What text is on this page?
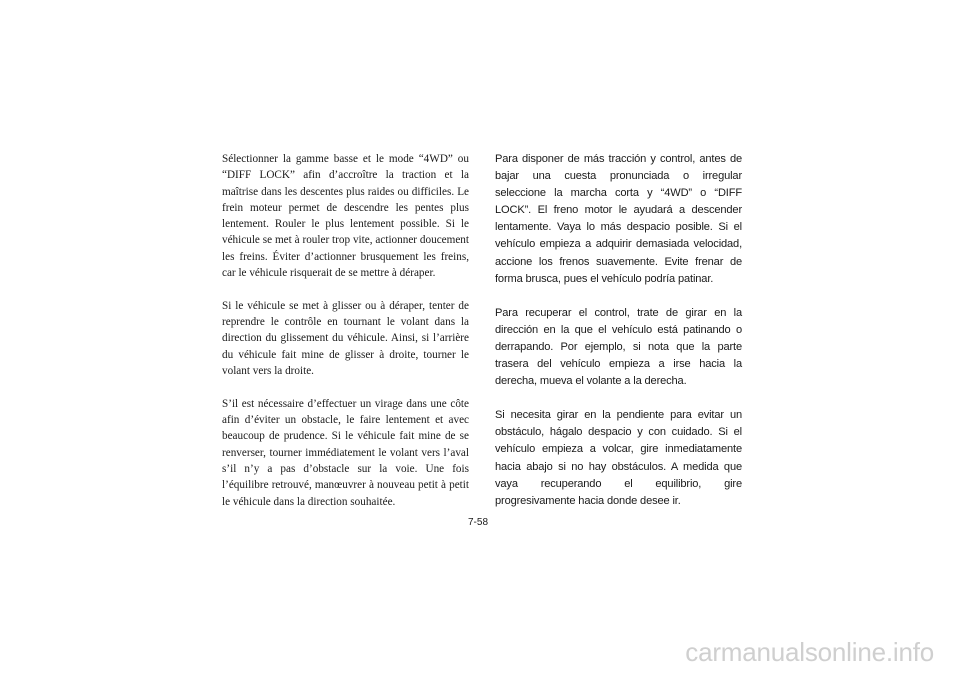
Sélectionner la gamme basse et le mode “4WD” ou “DIFF LOCK” afin d’accroître la traction et la maîtrise dans les descentes plus raides ou difficiles. Le frein moteur permet de descendre les pentes plus lentement. Rouler le plus lentement possible. Si le véhicule se met à rouler trop vite, actionner doucement les freins. Éviter d’actionner brusquement les freins, car le véhicule risquerait de se mettre à déraper.

Si le véhicule se met à glisser ou à déraper, tenter de reprendre le contrôle en tournant le volant dans la direction du glissement du véhicule. Ainsi, si l’arrière du véhicule fait mine de glisser à droite, tourner le volant vers la droite.

S’il est nécessaire d’effectuer un virage dans une côte afin d’éviter un obstacle, le faire lentement et avec beaucoup de prudence. Si le véhicule fait mine de se renverser, tourner immédiatement le volant vers l’aval s’il n’y a pas d’obstacle sur la voie. Une fois l’équilibre retrouvé, manœuvrer à nouveau petit à petit le véhicule dans la direction souhaitée.

Para disponer de más tracción y control, antes de bajar una cuesta pronunciada o irregular seleccione la marcha corta y “4WD” o “DIFF LOCK”. El freno motor le ayudará a descender lentamente. Vaya lo más despacio posible. Si el vehículo empieza a adquirir demasiada velocidad, accione los frenos suavemente. Evite frenar de forma brusca, pues el vehículo podría patinar.

Para recuperar el control, trate de girar en la dirección en la que el vehículo está patinando o derrapando. Por ejemplo, si nota que la parte trasera del vehículo empieza a irse hacia la derecha, mueva el volante a la derecha.

Si necesita girar en la pendiente para evitar un obstáculo, hágalo despacio y con cuidado. Si el vehículo empieza a volcar, gire inmediatamente hacia abajo si no hay obstáculos. A medida que vaya recuperando el equilibrio, gire progresivamente hacia donde desee ir.

7-58
carmanualsonline.info
